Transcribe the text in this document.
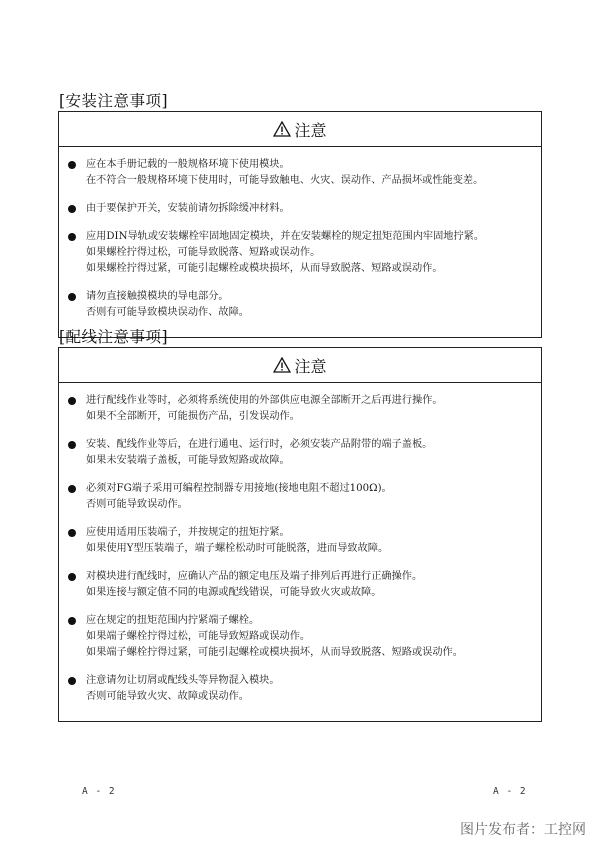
[安装注意事项]
注意
应在本手册记载的一般规格环境下使用模块。
在不符合一般规格环境下使用时，可能导致触电、火灾、误动作、产品损坏或性能变差。
由于要保护开关，安装前请勿拆除缓冲材料。
应用DIN导轨或安装螺栓牢固地固定模块，并在安装螺栓的规定扭矩范围内牢固地拧紧。
如果螺栓拧得过松，可能导致脱落、短路或误动作。
如果螺栓拧得过紧，可能引起螺栓或模块损坏，从而导致脱落、短路或误动作。
请勿直接触摸模块的导电部分。
否则有可能导致模块误动作、故障。
[配线注意事项]
注意
进行配线作业等时，必须将系统使用的外部供应电源全部断开之后再进行操作。
如果不全部断开，可能损伤产品，引发误动作。
安装、配线作业等后，在进行通电、运行时，必须安装产品附带的端子盖板。
如果未安装端子盖板，可能导致短路或故障。
必须对FG端子采用可编程控制器专用接地(接地电阻不超过100Ω)。
否则可能导致误动作。
应使用适用压装端子，并按规定的扭矩拧紧。
如果使用Y型压装端子，端子螺栓松动时可能脱落，进而导致故障。
对模块进行配线时，应确认产品的额定电压及端子排列后再进行正确操作。
如果连接与额定值不同的电源或配线错误，可能导致火灾或故障。
应在规定的扭矩范围内拧紧端子螺栓。
如果端子螺栓拧得过松，可能导致短路或误动作。
如果端子螺栓拧得过紧，可能引起螺栓或模块损坏，从而导致脱落、短路或误动作。
注意请勿让切屑或配线头等异物混入模块。
否则可能导致火灾、故障或误动作。
A - 2	A - 2
图片发布者：工控网
